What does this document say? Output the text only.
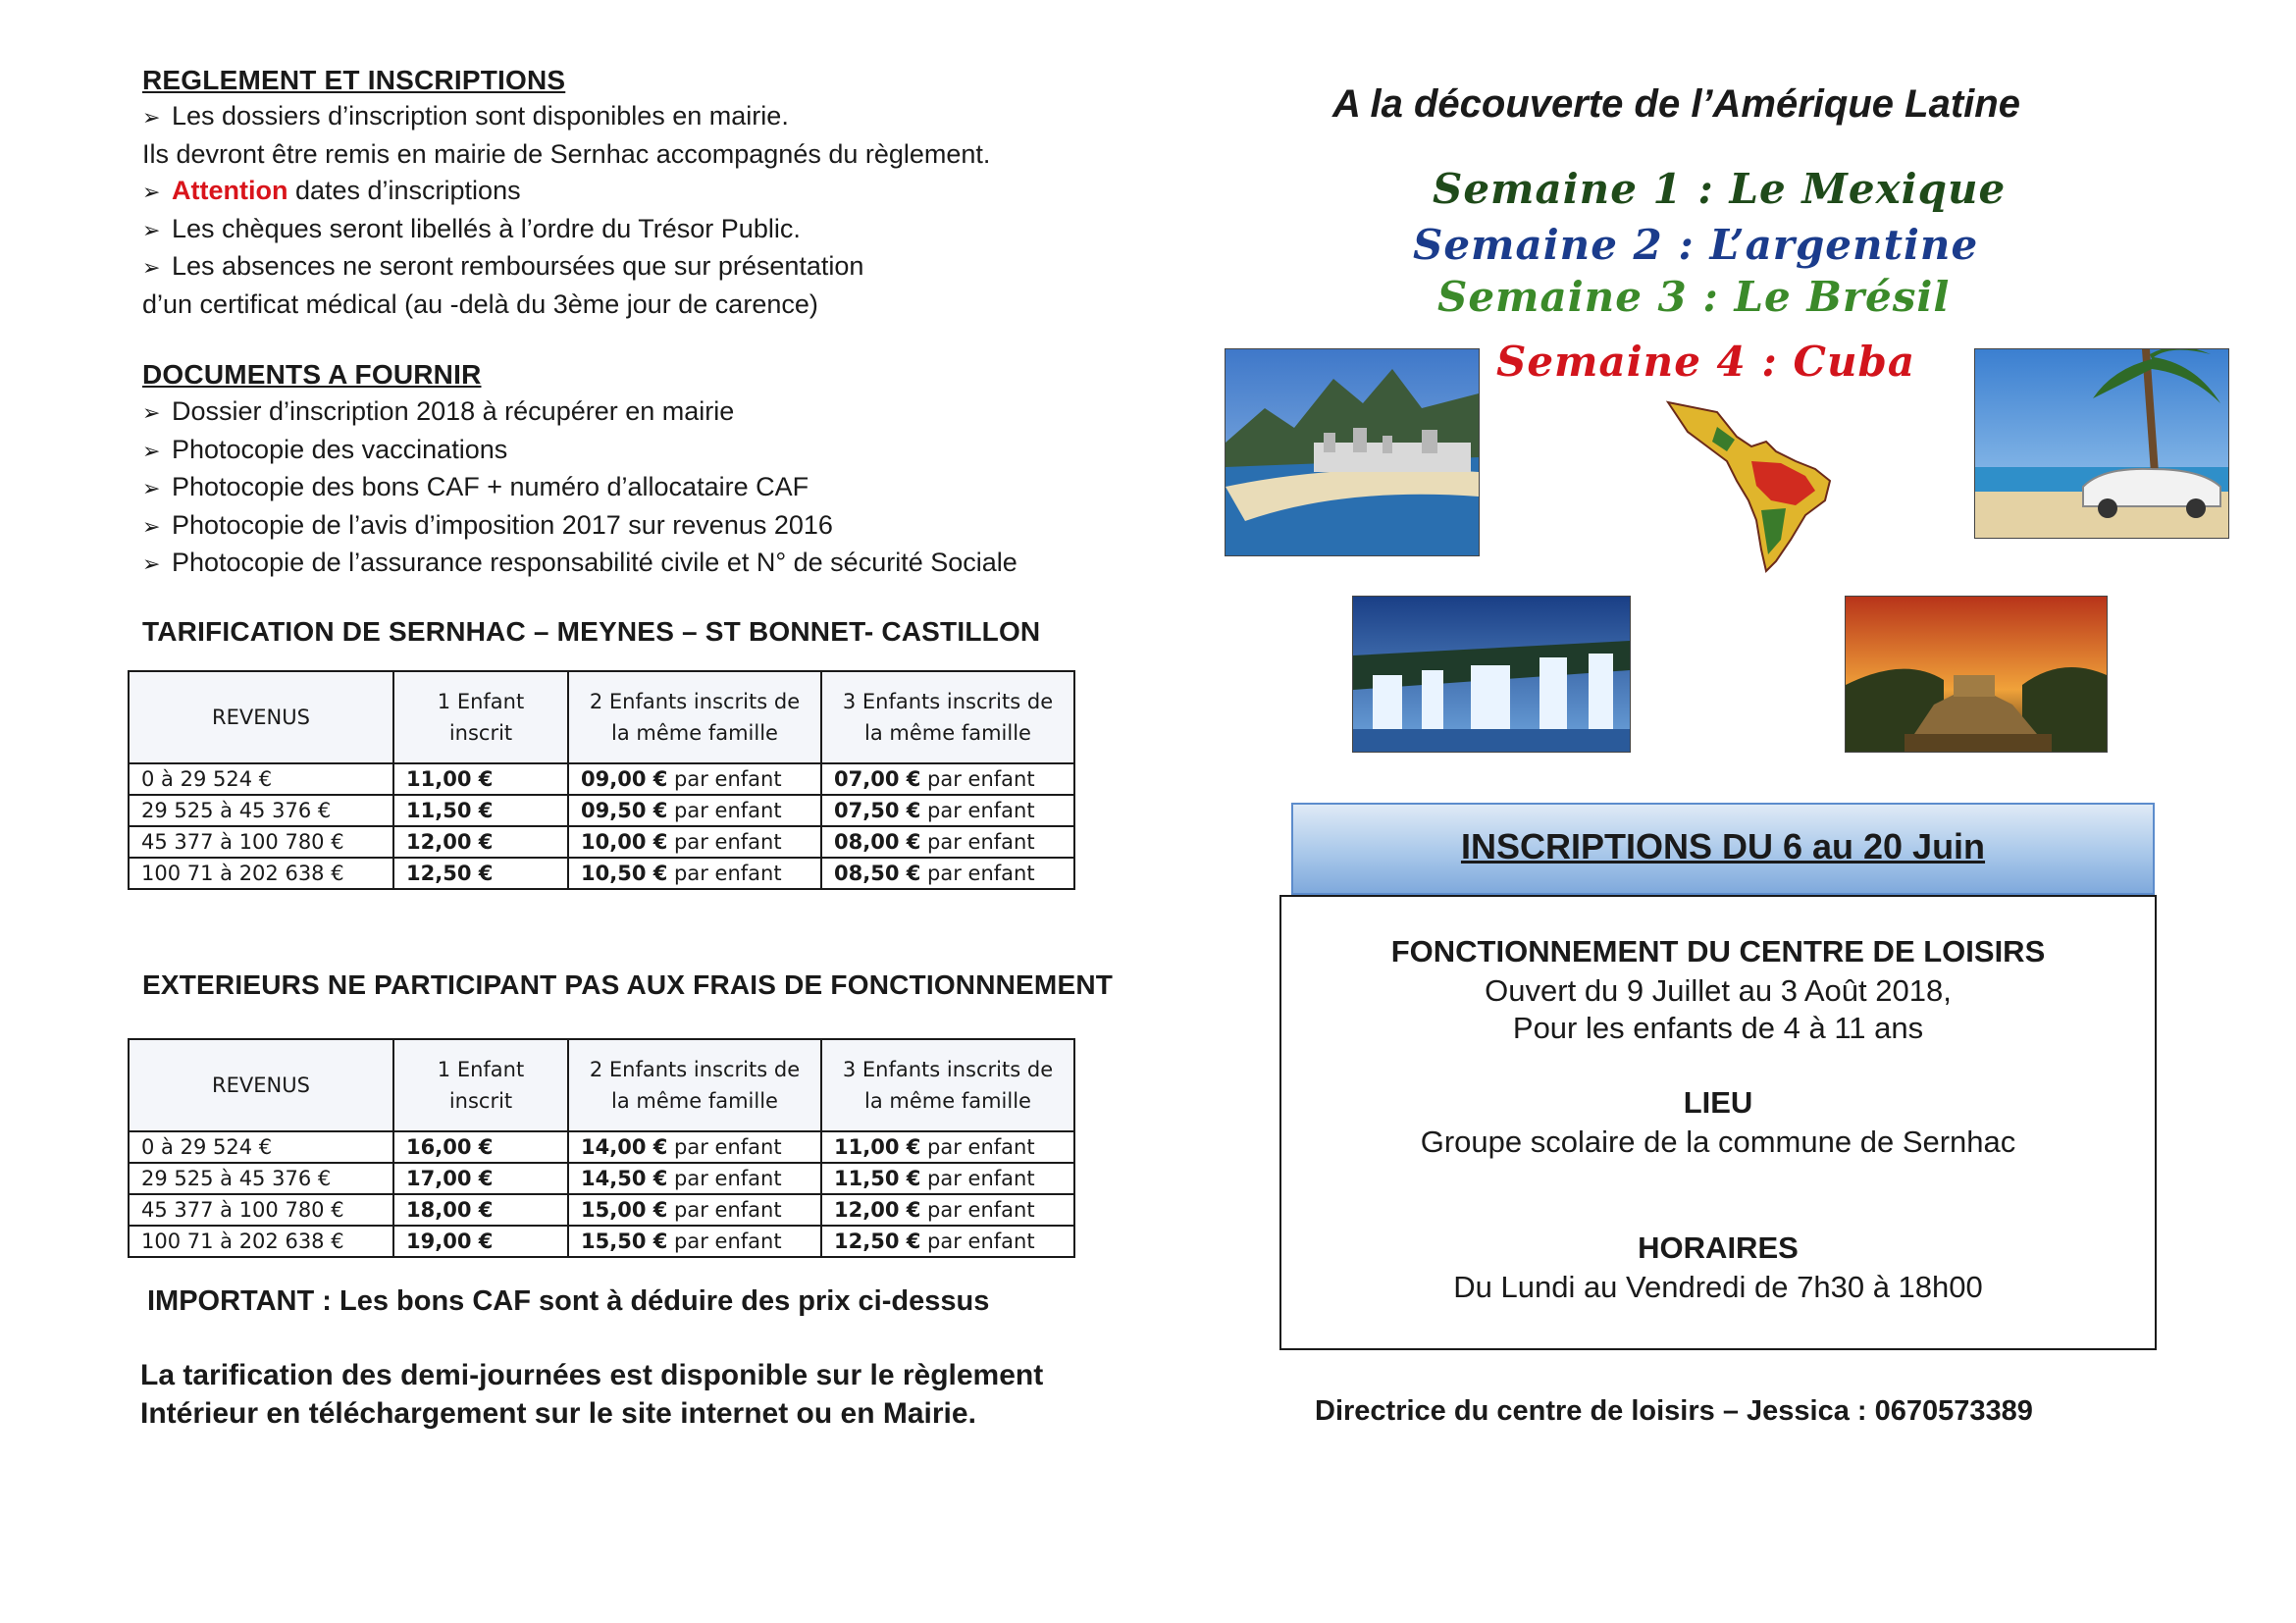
REGLEMENT ET INSCRIPTIONS
➢ Les dossiers d’inscription sont disponibles en mairie.
Ils devront être remis en mairie de Sernhac accompagnés du règlement.
➢ Attention dates d’inscriptions
➢ Les chèques seront libellés à l’ordre du Trésor Public.
➢ Les absences ne seront remboursées que sur présentation
d’un certificat médical (au -delà du 3ème jour de carence)
DOCUMENTS A FOURNIR
➢ Dossier d’inscription 2018 à récupérer en mairie
➢ Photocopie des vaccinations
➢ Photocopie des bons CAF + numéro d’allocataire CAF
➢ Photocopie de l’avis d’imposition 2017 sur revenus 2016
➢ Photocopie de l’assurance responsabilité civile et N° de sécurité Sociale
TARIFICATION DE SERNHAC – MEYNES – ST BONNET- CASTILLON
REVENUS	1 Enfant inscrit	2 Enfants inscrits de la même famille	3 Enfants inscrits de la même famille
0 à 29 524 €	11,00 €	09,00 € par enfant	07,00 € par enfant
29 525 à 45 376 €	11,50 €	09,50 € par enfant	07,50 € par enfant
45 377 à 100 780 €	12,00 €	10,00 € par enfant	08,00 € par enfant
100 71 à 202 638 €	12,50 €	10,50 € par enfant	08,50 € par enfant
EXTERIEURS NE PARTICIPANT PAS AUX FRAIS DE FONCTIONNNEMENT
REVENUS	1 Enfant inscrit	2 Enfants inscrits de la même famille	3 Enfants inscrits de la même famille
0 à 29 524 €	16,00 €	14,00 € par enfant	11,00 € par enfant
29 525 à 45 376 €	17,00 €	14,50 € par enfant	11,50 € par enfant
45 377 à 100 780 €	18,00 €	15,00 € par enfant	12,00 € par enfant
100 71 à 202 638 €	19,00 €	15,50 € par enfant	12,50 € par enfant
IMPORTANT : Les bons CAF sont à déduire des prix ci-dessus
La tarification des demi-journées est disponible sur le règlement
Intérieur en téléchargement sur le site internet ou en Mairie.
A la découverte de l’Amérique Latine
Semaine 1 : Le Mexique
Semaine 2 : L’argentine
Semaine 3 : Le Brésil
Semaine 4 : Cuba
INSCRIPTIONS DU 6 au 20 Juin
FONCTIONNEMENT DU CENTRE DE LOISIRS
Ouvert du 9 Juillet au 3 Août 2018,
Pour les enfants de 4 à 11 ans
LIEU
Groupe scolaire de la commune de Sernhac
HORAIRES
Du Lundi au Vendredi de 7h30 à 18h00
Directrice du centre de loisirs – Jessica : 0670573389
